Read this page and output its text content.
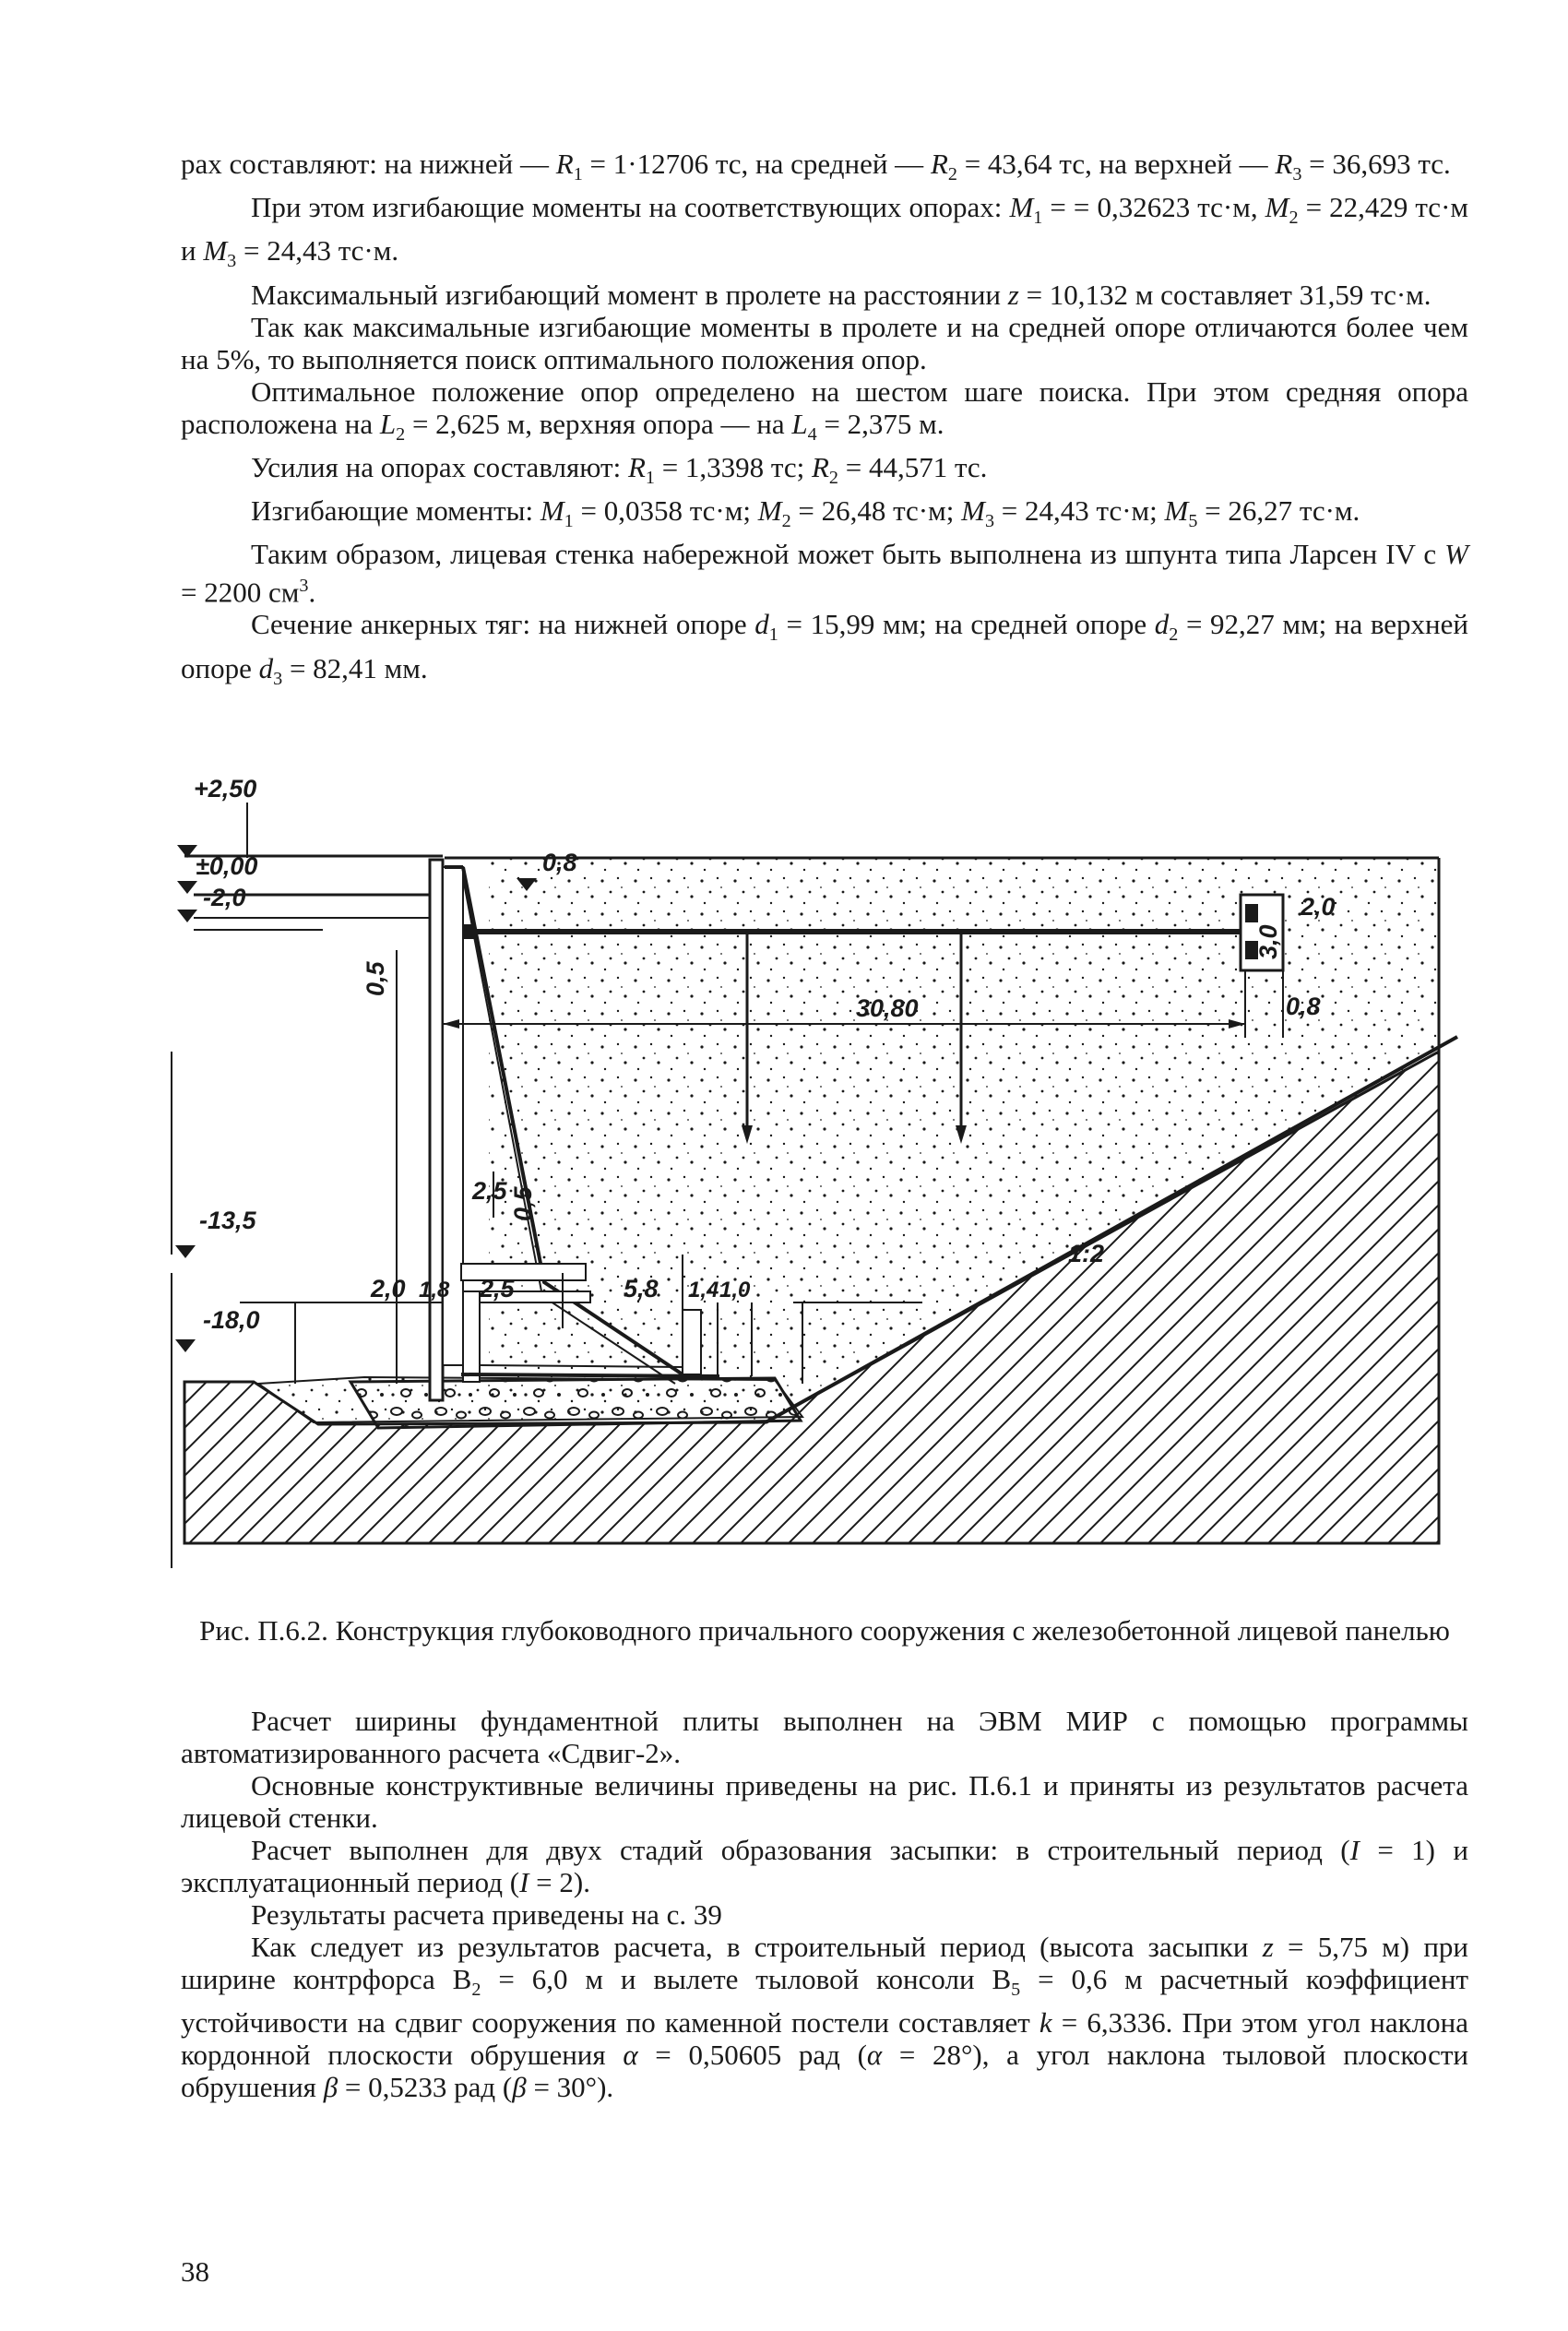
рах составляют: на нижней — $R_1 = 1\cdot 12706$ тс, на средней — $R_2 = 43,64$ тс, на верхней — $R_3 = 36,693$ тс.

При этом изгибающие моменты на соответствующих опорах: $M_1$ = = 0,32623 тс·м, $M_2 = 22,429$ тс·м и $M_3 = 24,43$ тс·м.

Максимальный изгибающий момент в пролете на расстоянии z = 10,132 м составляет 31,59 тс·м.

Так как максимальные изгибающие моменты в пролете и на средней опоре отличаются более чем на 5%, то выполняется поиск оптимального положения опор.

Оптимальное положение опор определено на шестом шаге поиска. При этом средняя опора расположена на $L_2 = 2,625$ м, верхняя опора — на $L_4 = 2,375$ м.

Усилия на опорах составляют: $R_1 = 1,3398$ тс; $R_2 = 44,571$ тс.

Изгибающие моменты: $M_1 = 0,0358$ тс·м; $M_2 = 26,48$ тс·м; $M_3 = 24,43$ тс·м; $M_5 = 26,27$ тс·м.

Таким образом, лицевая стенка набережной может быть выполнена из шпунта типа Ларсен IV с W = 2200 $см^3$.

Сечение анкерных тяг: на нижней опоре $d_1 = 15,99$ мм; на средней опоре $d_2 = 92,27$ мм; на верхней опоре $d_3 = 82,41$ мм.

+2,50
±0,00
-2,0
-13,5
-18,0
0,8
0,5
30,80
2,0
3,0
0,8
2,5 0,5
2,0 1,8 2,5	5,8 1,4 1,0
1:2
Рис. П.6.2. Конструкция глубоководного причального сооружения с железобетонной лицевой панелью

Расчет ширины фундаментной плиты выполнен на ЭВМ МИР с помощью программы автоматизированного расчета «Сдвиг-2».

Основные конструктивные величины приведены на рис. П.6.1 и приняты из результатов расчета лицевой стенки.

Расчет выполнен для двух стадий образования засыпки: в строительный период (I = 1) и эксплуатационный период (I = 2).

Результаты расчета приведены на с. 39

Как следует из результатов расчета, в строительный период (высота засыпки z = 5,75 м) при ширине контрфорса $B_2 = 6,0$ м и вылете тыловой консоли $B_5 = 0,6$ м расчетный коэффициент устойчивости на сдвиг сооружения по каменной постели составляет k = 6,3336. При этом угол наклона кордонной плоскости обрушения α = 0,50605 рад (α = 28°), а угол наклона тыловой плоскости обрушения β = 0,5233 рад (β = 30°).

38
